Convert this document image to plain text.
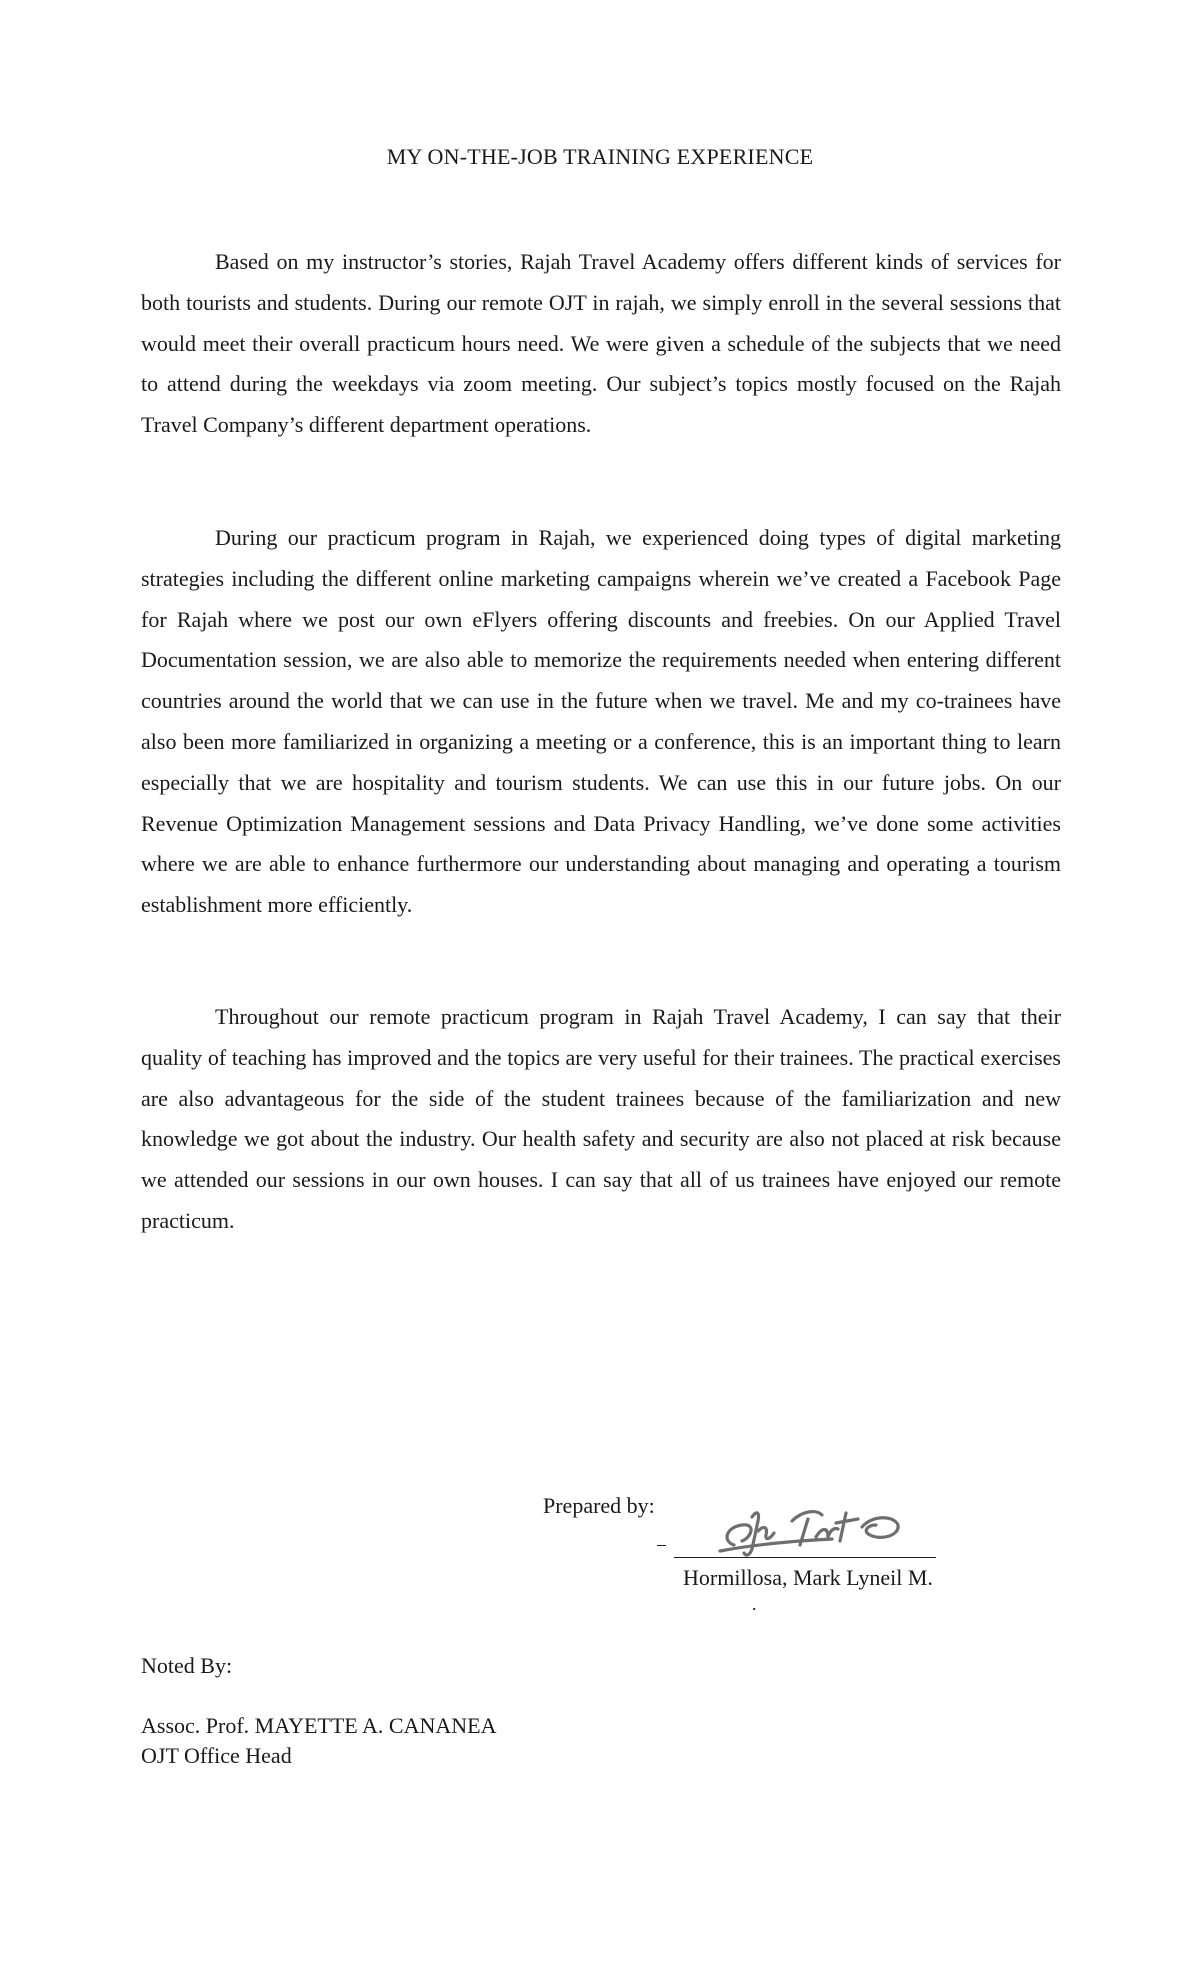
MY ON-THE-JOB TRAINING EXPERIENCE

Based on my instructor’s stories, Rajah Travel Academy offers different kinds of services for both tourists and students. During our remote OJT in rajah, we simply enroll in the several sessions that would meet their overall practicum hours need. We were given a schedule of the subjects that we need to attend during the weekdays via zoom meeting. Our subject’s topics mostly focused on the Rajah Travel Company’s different department operations.

During our practicum program in Rajah, we experienced doing types of digital marketing strategies including the different online marketing campaigns wherein we’ve created a Facebook Page for Rajah where we post our own eFlyers offering discounts and freebies. On our Applied Travel Documentation session, we are also able to memorize the requirements needed when entering different countries around the world that we can use in the future when we travel. Me and my co-trainees have also been more familiarized in organizing a meeting or a conference, this is an important thing to learn especially that we are hospitality and tourism students. We can use this in our future jobs. On our Revenue Optimization Management sessions and Data Privacy Handling, we’ve done some activities where we are able to enhance furthermore our understanding about managing and operating a tourism establishment more efficiently.

Throughout our remote practicum program in Rajah Travel Academy, I can say that their quality of teaching has improved and the topics are very useful for their trainees. The practical exercises are also advantageous for the side of the student trainees because of the familiarization and new knowledge we got about the industry. Our health safety and security are also not placed at risk because we attended our sessions in our own houses. I can say that all of us trainees have enjoyed our remote practicum.

Prepared by:
Hormillosa, Mark Lyneil M.
.
Noted By:
Assoc. Prof. MAYETTE A. CANANEA
OJT Office Head
